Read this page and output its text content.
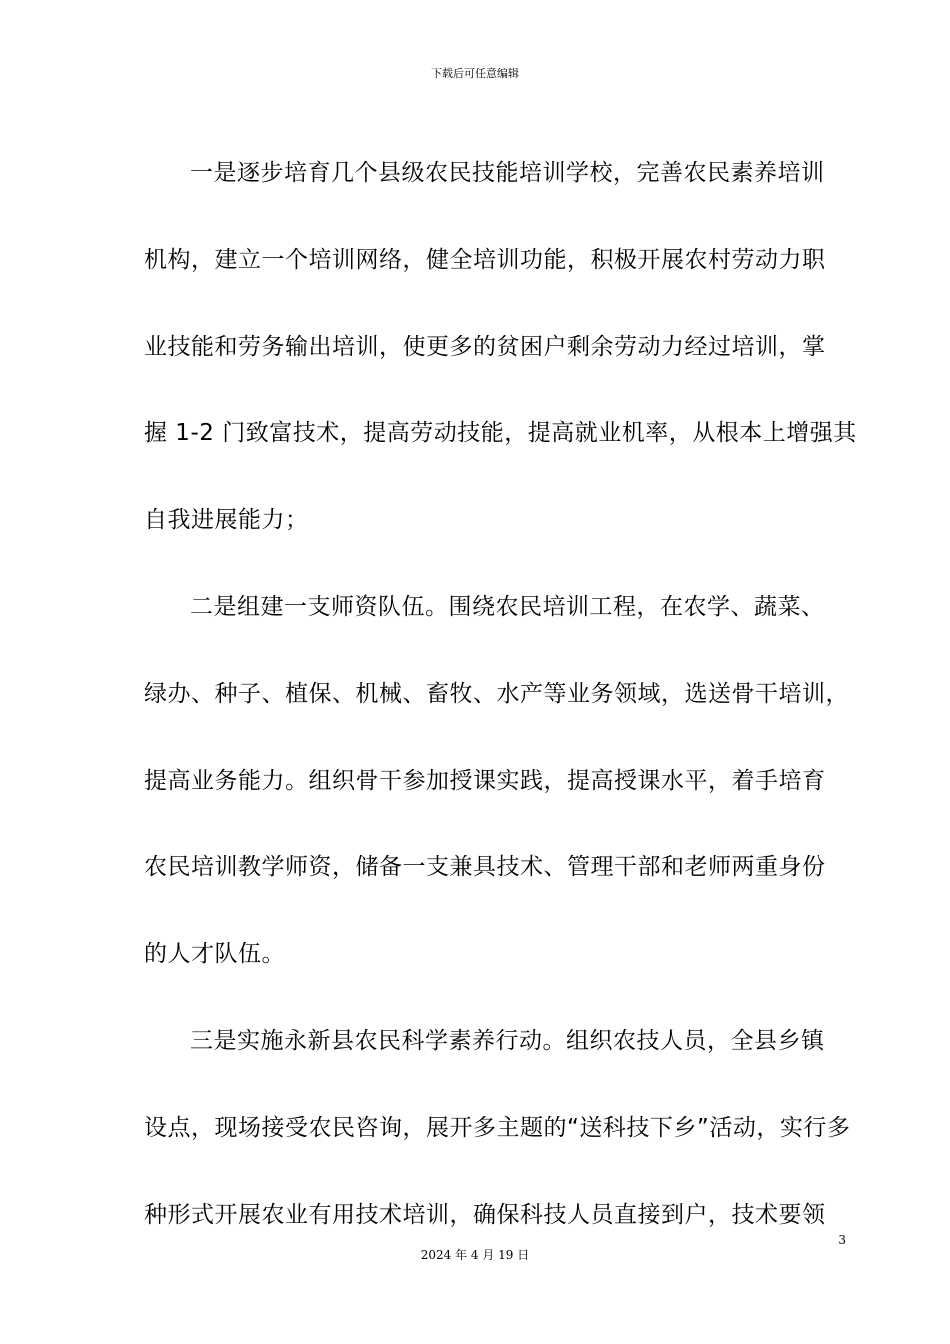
下载后可任意编辑
一是逐步培育几个县级农民技能培训学校，完善农民素养培训
机构，建立一个培训网络，健全培训功能，积极开展农村劳动力职
业技能和劳务输出培训，使更多的贫困户剩余劳动力经过培训，掌
握 1-2 门致富技术，提高劳动技能，提高就业机率，从根本上增强其
自我进展能力；
二是组建一支师资队伍。围绕农民培训工程，在农学、蔬菜、
绿办、种子、植保、机械、畜牧、水产等业务领域，选送骨干培训，
提高业务能力。组织骨干参加授课实践，提高授课水平，着手培育
农民培训教学师资，储备一支兼具技术、管理干部和老师两重身份
的人才队伍。
三是实施永新县农民科学素养行动。组织农技人员，全县乡镇
设点，现场接受农民咨询，展开多主题的“送科技下乡”活动，实行多
种形式开展农业有用技术培训，确保科技人员直接到户，技术要领
3
2024 年 4 月 19 日
